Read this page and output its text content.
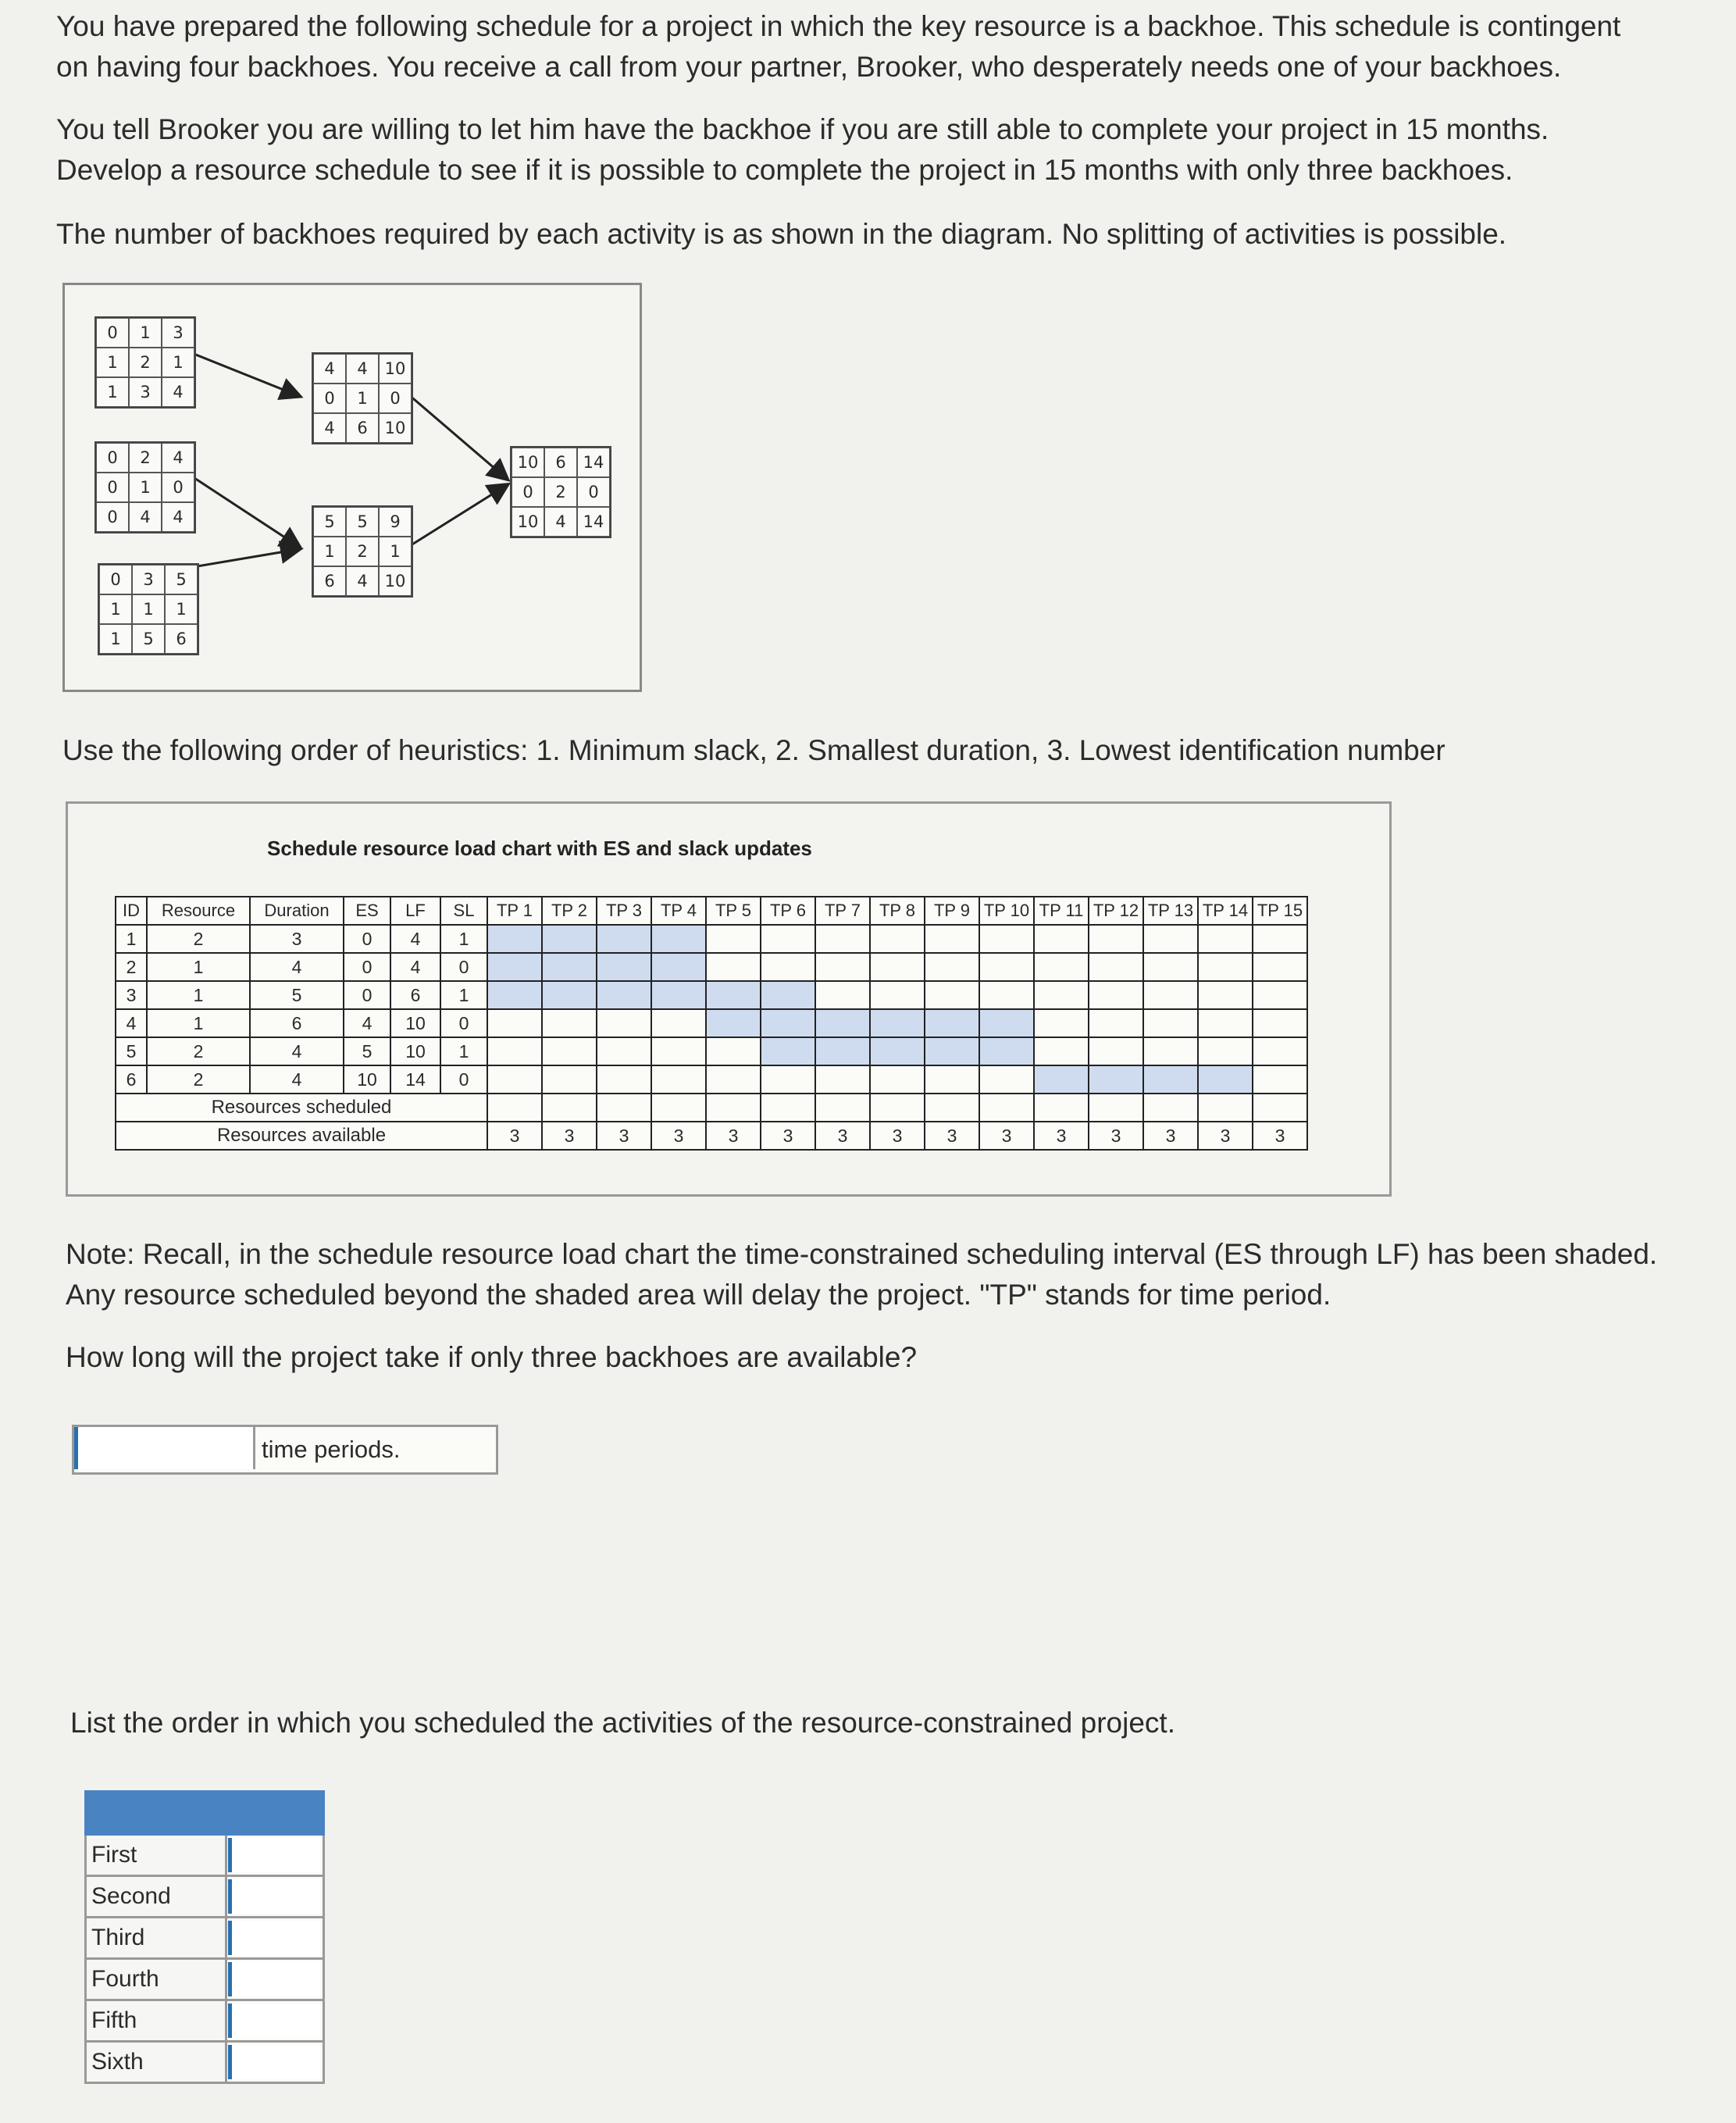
You have prepared the following schedule for a project in which the key resource is a backhoe. This schedule is contingent

on having four backhoes. You receive a call from your partner, Brooker, who desperately needs one of your backhoes.

You tell Brooker you are willing to let him have the backhoe if you are still able to complete your project in 15 months.

Develop a resource schedule to see if it is possible to complete the project in 15 months with only three backhoes.

The number of backhoes required by each activity is as shown in the diagram. No splitting of activities is possible.

0	1	3
1	2	1
1	3	4
0	2	4
0	1	0
0	4	4
0	3	5
1	1	1
1	5	6
4	4	10
0	1	0
4	6	10
5	5	9
1	2	1
6	4	10
10	6	14
0	2	0
10	4	14

Use the following order of heuristics: 1. Minimum slack, 2. Smallest duration, 3. Lowest identification number

Schedule resource load chart with ES and slack updates
ID	Resource	Duration	ES	LF	SL	TP 1	TP 2	TP 3	TP 4	TP 5	TP 6	TP 7	TP 8	TP 9	TP 10	TP 11	TP 12	TP 13	TP 14	TP 15
1	2	3	0	4	1															
2	1	4	0	4	0															
3	1	5	0	6	1															
4	1	6	4	10	0															
5	2	4	5	10	1															
6	2	4	10	14	0															
Resources scheduled																				
Resources available						3	3	3	3	3	3	3	3	3	3	3	3	3	3	3

Note: Recall, in the schedule resource load chart the time-constrained scheduling interval (ES through LF) has been shaded.

Any resource scheduled beyond the shaded area will delay the project. "TP" stands for time period.

How long will the project take if only three backhoes are available?

time periods.

List the order in which you scheduled the activities of the resource-constrained project.

First	
Second	
Third	
Fourth	
Fifth	
Sixth	
